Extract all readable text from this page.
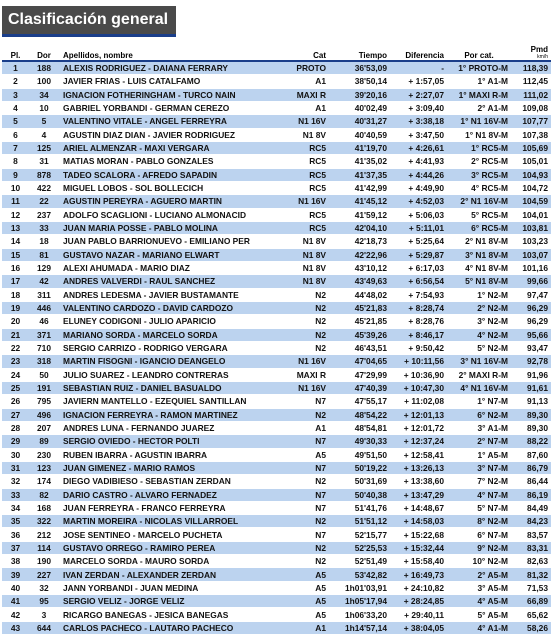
Clasificación general
Pl.	Dor	Apellidos, nombre	Cat	Tiempo	Diferencia	Por cat.	Pmd
km/h

1	188	ALEXIS RODRIGUEZ - DAIANA FERRARY	PROTO	36'53,09	-	1° PROTO-M	118,39
2	100	JAVIER FRIAS - LUIS CATALFAMO	A1	38'50,14	+ 1:57,05	1° A1-M	112,45
3	34	IGNACION FOTHERINGHAM - TURCO NAIN	MAXI R	39'20,16	+ 2:27,07	1° MAXI R-M	111,02
4	10	GABRIEL YORBANDI - GERMAN CEREZO	A1	40'02,49	+ 3:09,40	2° A1-M	109,08
5	5	VALENTINO VITALE - ANGEL FERREYRA	N1 16V	40'31,27	+ 3:38,18	1° N1 16V-M	107,77
6	4	AGUSTIN DIAZ DIAN - JAVIER RODRIGUEZ	N1 8V	40'40,59	+ 3:47,50	1° N1 8V-M	107,38
7	125	ARIEL ALMENZAR - MAXI VERGARA	RC5	41'19,70	+ 4:26,61	1° RC5-M	105,69
8	31	MATIAS MORAN - PABLO GONZALES	RC5	41'35,02	+ 4:41,93	2° RC5-M	105,01
9	878	TADEO SCALORA - AFREDO SAPADIN	RC5	41'37,35	+ 4:44,26	3° RC5-M	104,93
10	422	MIGUEL LOBOS - SOL BOLLECICH	RC5	41'42,99	+ 4:49,90	4° RC5-M	104,72
11	22	AGUSTIN PEREYRA - AGUERO MARTIN	N1 16V	41'45,12	+ 4:52,03	2° N1 16V-M	104,59
12	237	ADOLFO SCAGLIONI - LUCIANO ALMONACID	RC5	41'59,12	+ 5:06,03	5° RC5-M	104,01
13	33	JUAN MARIA POSSE - PABLO MOLINA	RC5	42'04,10	+ 5:11,01	6° RC5-M	103,81
14	18	JUAN PABLO BARRIONUEVO - EMILIANO PER	N1 8V	42'18,73	+ 5:25,64	2° N1 8V-M	103,23
15	81	GUSTAVO NAZAR - MARIANO ELWART	N1 8V	42'22,96	+ 5:29,87	3° N1 8V-M	103,07
16	129	ALEXI AHUMADA - MARIO DIAZ	N1 8V	43'10,12	+ 6:17,03	4° N1 8V-M	101,16
17	42	ANDRES VALVERDI - RAUL SANCHEZ	N1 8V	43'49,63	+ 6:56,54	5° N1 8V-M	99,66
18	311	ANDRES LEDESMA - JAVIER BUSTAMANTE	N2	44'48,02	+ 7:54,93	1° N2-M	97,47
19	446	VALENTINO CARDOZO - DAVID CARDOZO	N2	45'21,83	+ 8:28,74	2° N2-M	96,29
20	46	ELUNEY CODIGONI - JULIO APARICIO	N2	45'21,85	+ 8:28,76	3° N2-M	96,29
21	371	MARIANO SORDA - MARCELO SORDA	N2	45'39,26	+ 8:46,17	4° N2-M	95,66
22	710	SERGIO CARRIZO - RODRIGO VERGARA	N2	46'43,51	+ 9:50,42	5° N2-M	93,47
23	318	MARTIN FISOGNI - IGANCIO DEANGELO	N1 16V	47'04,65	+ 10:11,56	3° N1 16V-M	92,78
24	50	JULIO SUAREZ - LEANDRO CONTRERAS	MAXI R	47'29,99	+ 10:36,90	2° MAXI R-M	91,96
25	191	SEBASTIAN RUIZ - DANIEL BASUALDO	N1 16V	47'40,39	+ 10:47,30	4° N1 16V-M	91,61
26	795	JAVIERN MANTELLO - EZEQUIEL SANTILLAN	N7	47'55,17	+ 11:02,08	1° N7-M	91,13
27	496	IGNACION FERREYRA - RAMON MARTINEZ	N2	48'54,22	+ 12:01,13	6° N2-M	89,30
28	207	ANDRES LUNA - FERNANDO JUAREZ	A1	48'54,81	+ 12:01,72	3° A1-M	89,30
29	89	SERGIO OVIEDO - HECTOR POLTI	N7	49'30,33	+ 12:37,24	2° N7-M	88,22
30	230	RUBEN IBARRA - AGUSTIN IBARRA	A5	49'51,50	+ 12:58,41	1° A5-M	87,60
31	123	JUAN GIMENEZ - MARIO RAMOS	N7	50'19,22	+ 13:26,13	3° N7-M	86,79
32	174	DIEGO VADIBIESO - SEBASTIAN ZERDAN	N2	50'31,69	+ 13:38,60	7° N2-M	86,44
33	82	DARIO CASTRO - ALVARO FERNADEZ	N7	50'40,38	+ 13:47,29	4° N7-M	86,19
34	168	JUAN FERREYRA - FRANCO FERREYRA	N7	51'41,76	+ 14:48,67	5° N7-M	84,49
35	322	MARTIN MOREIRA - NICOLAS VILLARROEL	N2	51'51,12	+ 14:58,03	8° N2-M	84,23
36	212	JOSE SENTINEO - MARCELO PUCHETA	N7	52'15,77	+ 15:22,68	6° N7-M	83,57
37	114	GUSTAVO ORREGO - RAMIRO PEREA	N2	52'25,53	+ 15:32,44	9° N2-M	83,31
38	190	MARCELO SORDA - MAURO SORDA	N2	52'51,49	+ 15:58,40	10° N2-M	82,63
39	227	IVAN ZERDAN - ALEXANDER ZERDAN	A5	53'42,82	+ 16:49,73	2° A5-M	81,32
40	32	JANN YORBANDI - JUAN MEDINA	A5	1h01'03,91	+ 24:10,82	3° A5-M	71,53
41	95	SERGIO VELIZ - JORGE VELIZ	A5	1h05'17,94	+ 28:24,85	4° A5-M	66,89
42	3	RICARGO BANEGAS - JESICA BANEGAS	A5	1h06'33,20	+ 29:40,11	5° A5-M	65,62
43	644	CARLOS PACHECO - LAUTARO PACHECO	A1	1h14'57,14	+ 38:04,05	4° A1-M	58,26
